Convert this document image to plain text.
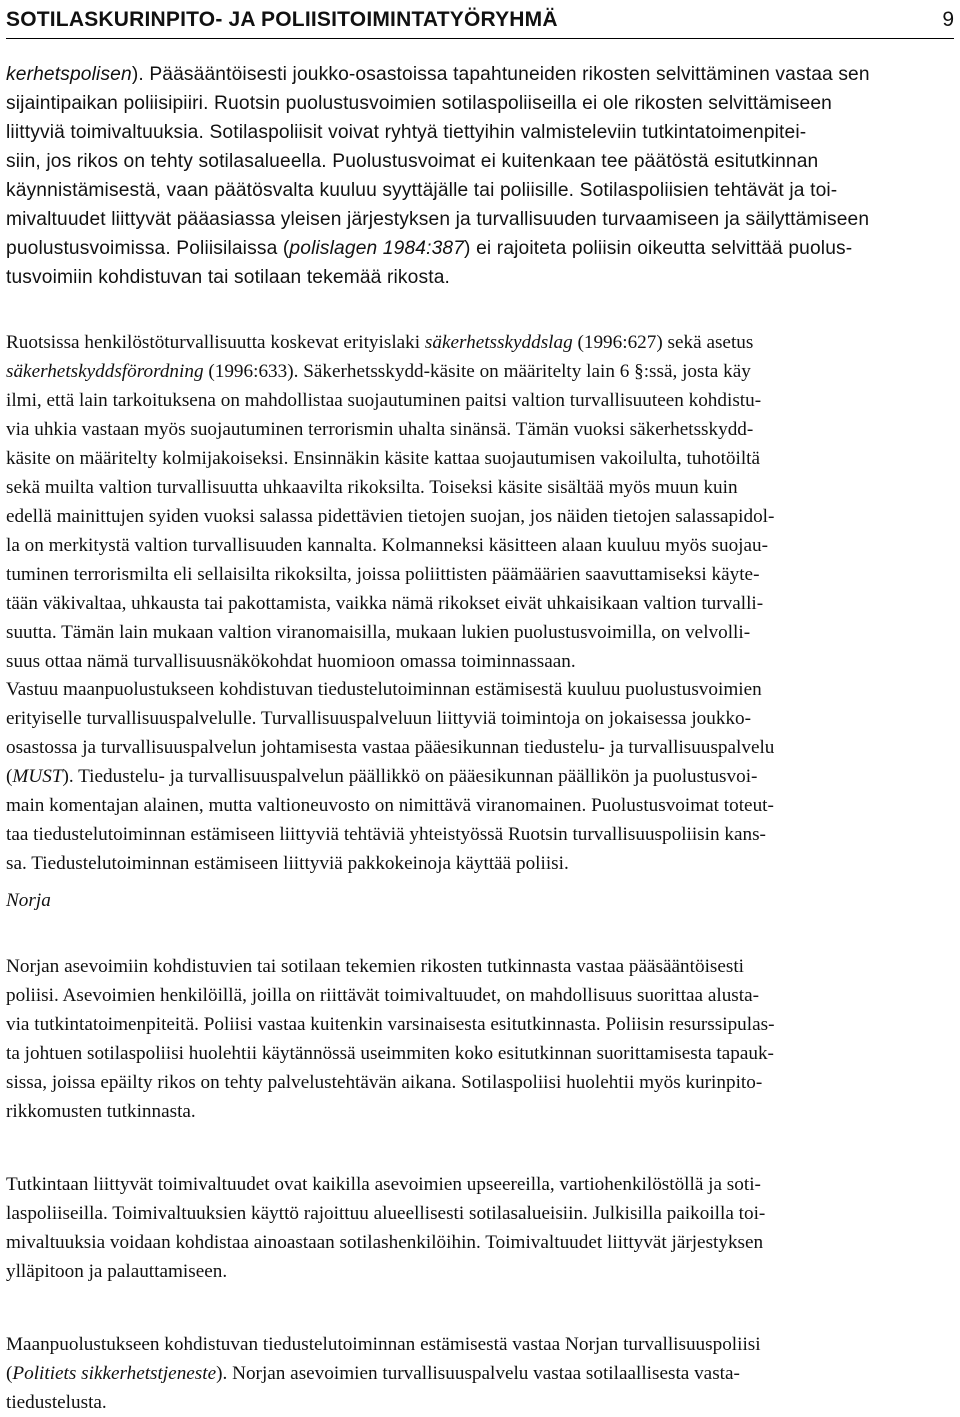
SOTILASKURINPITO- JA POLIISITOIMINTATYÖRYHMÄ	9
kerhetspolisen). Pääsääntöisesti joukko-osastoissa tapahtuneiden rikosten selvittäminen vastaa sen
sijaintipaikan poliisipiiri. Ruotsin puolustusvoimien sotilaspoliiseilla ei ole rikosten selvittämiseen
liittyviä toimivaltuuksia. Sotilaspoliisit voivat ryhtyä tiettyihin valmisteleviin tutkintatoimenpitei-
siin, jos rikos on tehty sotilasalueella. Puolustusvoimat ei kuitenkaan tee päätöstä esitutkinnan
käynnistämisestä, vaan päätösvalta kuuluu syyttäjälle tai poliisille. Sotilaspoliisien tehtävät ja toi-
mivaltuudet liittyvät pääasiassa yleisen järjestyksen ja turvallisuuden turvaamiseen ja säilyttämiseen
puolustusvoimissa. Poliisilaissa (polislagen 1984:387) ei rajoiteta poliisin oikeutta selvittää puolus-
tusvoimiin kohdistuvan tai sotilaan tekemää rikosta.
Ruotsissa henkilöstöturvallisuutta koskevat erityislaki säkerhetsskyddslag (1996:627) sekä asetus
säkerhetskyddsförordning (1996:633). Säkerhetsskydd-käsite on määritelty lain 6 §:ssä, josta käy
ilmi, että lain tarkoituksena on mahdollistaa suojautuminen paitsi valtion turvallisuuteen kohdistu-
via uhkia vastaan myös suojautuminen terrorismin uhalta sinänsä. Tämän vuoksi säkerhetsskydd-
käsite on määritelty kolmijakoiseksi. Ensinnäkin käsite kattaa suojautumisen vakoilulta, tuhotöiltä
sekä muilta valtion turvallisuutta uhkaavilta rikoksilta. Toiseksi käsite sisältää myös muun kuin
edellä mainittujen syiden vuoksi salassa pidettävien tietojen suojan, jos näiden tietojen salassapidol-
la on merkitystä valtion turvallisuuden kannalta. Kolmanneksi käsitteen alaan kuuluu myös suojau-
tuminen terrorismilta eli sellaisilta rikoksilta, joissa poliittisten päämäärien saavuttamiseksi käyte-
tään väkivaltaa, uhkausta tai pakottamista, vaikka nämä rikokset eivät uhkaisikaan valtion turvalli-
suutta. Tämän lain mukaan valtion viranomaisilla, mukaan lukien puolustusvoimilla, on velvolli-
suus ottaa nämä turvallisuusnäkökohdat huomioon omassa toiminnassaan.
Vastuu maanpuolustukseen kohdistuvan tiedustelutoiminnan estämisestä kuuluu puolustusvoimien
erityiselle turvallisuuspalvelulle. Turvallisuuspalveluun liittyviä toimintoja on jokaisessa joukko-
osastossa ja turvallisuuspalvelun johtamisesta vastaa pääesikunnan tiedustelu- ja turvallisuuspalvelu
(MUST). Tiedustelu- ja turvallisuuspalvelun päällikkö on pääesikunnan päällikön ja puolustusvoi-
main komentajan alainen, mutta valtioneuvosto on nimittävä viranomainen. Puolustusvoimat toteut-
taa tiedustelutoiminnan estämiseen liittyviä tehtäviä yhteistyössä Ruotsin turvallisuuspoliisin kans-
sa. Tiedustelutoiminnan estämiseen liittyviä pakkokeinoja käyttää poliisi.
Norja
Norjan asevoimiin kohdistuvien tai sotilaan tekemien rikosten tutkinnasta vastaa pääsääntöisesti
poliisi. Asevoimien henkilöillä, joilla on riittävät toimivaltuudet, on mahdollisuus suorittaa alusta-
via tutkintatoimenpiteitä. Poliisi vastaa kuitenkin varsinaisesta esitutkinnasta. Poliisin resurssipulas-
ta johtuen sotilaspoliisi huolehtii käytännössä useimmiten koko esitutkinnan suorittamisesta tapauk-
sissa, joissa epäilty rikos on tehty palvelustehtävän aikana. Sotilaspoliisi huolehtii myös kurinpito-
rikkomusten tutkinnasta.
Tutkintaan liittyvät toimivaltuudet ovat kaikilla asevoimien upseereilla, vartiohenkilöstöllä ja soti-
laspoliiseilla. Toimivaltuuksien käyttö rajoittuu alueellisesti sotilasalueisiin. Julkisilla paikoilla toi-
mivaltuuksia voidaan kohdistaa ainoastaan sotilashenkilöihin. Toimivaltuudet liittyvät järjestyksen
ylläpitoon ja palauttamiseen.
Maanpuolustukseen kohdistuvan tiedustelutoiminnan estämisestä vastaa Norjan turvallisuuspoliisi
(Politiets sikkerhetstjeneste). Norjan asevoimien turvallisuuspalvelu vastaa sotilaallisesta vasta-
tiedustelusta.
